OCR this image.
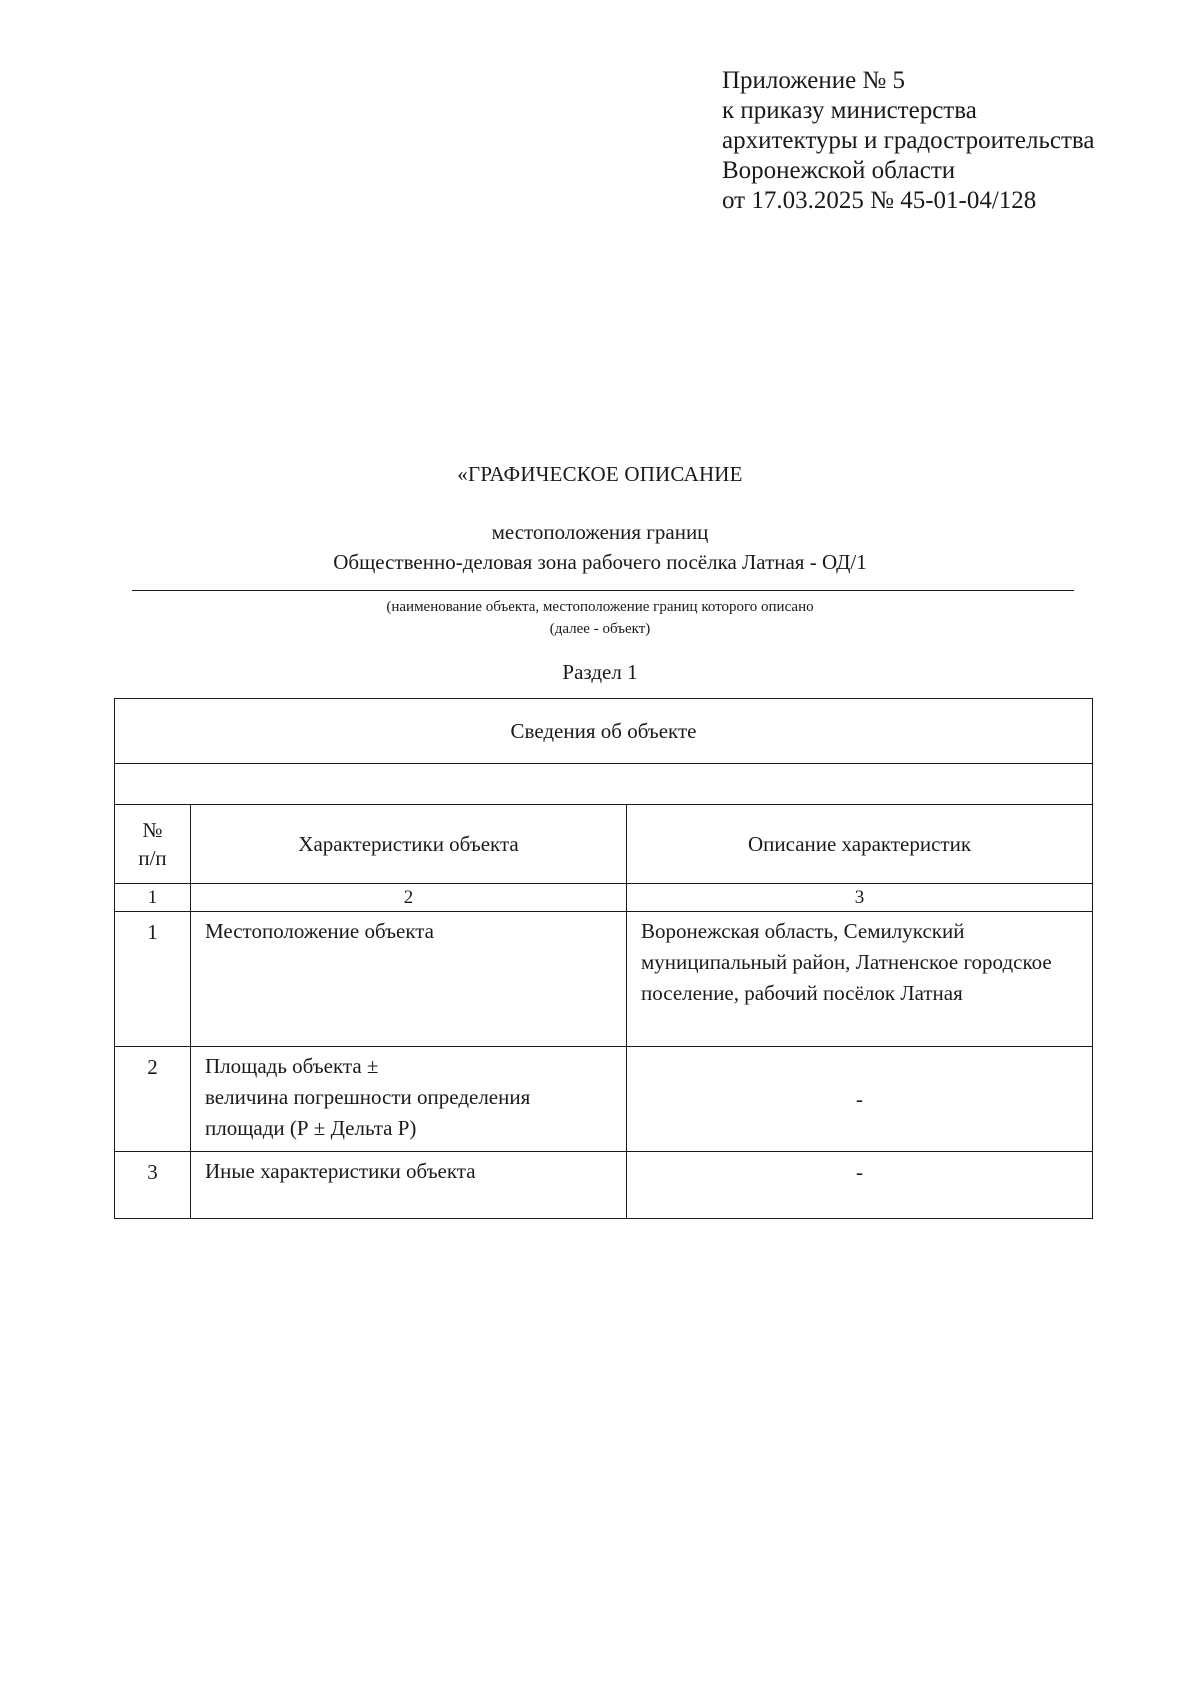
Приложение № 5
к приказу министерства
архитектуры и градостроительства
Воронежской области
от 17.03.2025 № 45-01-04/128
«ГРАФИЧЕСКОЕ ОПИСАНИЕ
местоположения границ
Общественно-деловая зона рабочего посёлка Латная - ОД/1
(наименование объекта, местоположение границ которого описано
(далее - объект)
Раздел 1
Сведения об объекте		

№
п/п	Характеристики объекта	Описание характеристик
1	2	3
1	Местоположение объекта	Воронежская область, Семилукский муниципальный район, Латненское городское поселение, рабочий посёлок Латная
2	Площадь объекта ±
величина погрешности определения
площади (Р ± Дельта Р)	-
3	Иные характеристики объекта	-
